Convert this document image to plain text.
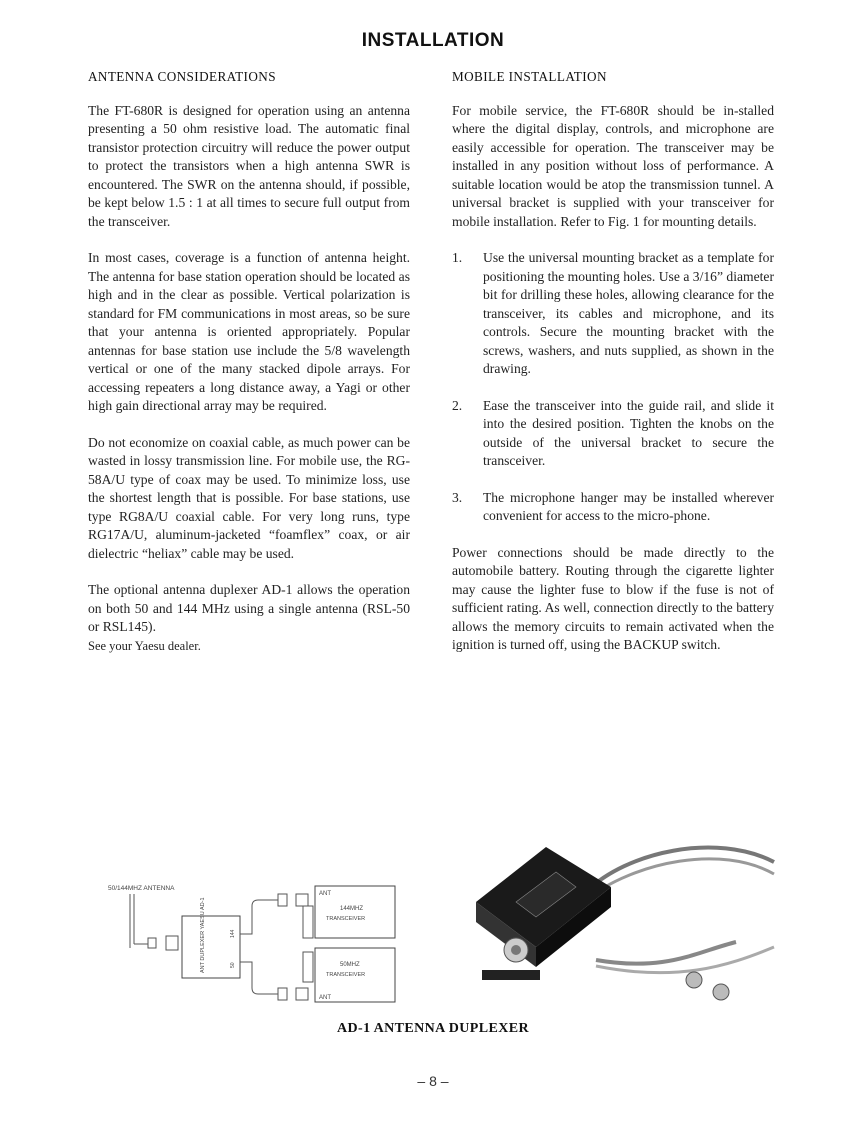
INSTALLATION
ANTENNA CONSIDERATIONS

The FT-680R is designed for operation using an antenna presenting a 50 ohm resistive load. The automatic final transistor protection circuitry will reduce the power output to protect the transistors when a high antenna SWR is encountered. The SWR on the antenna should, if possible, be kept below 1.5 : 1 at all times to secure full output from the transceiver.

In most cases, coverage is a function of antenna height. The antenna for base station operation should be located as high and in the clear as possible. Vertical polarization is standard for FM communications in most areas, so be sure that your antenna is oriented appropriately. Popular antennas for base station use include the 5/8 wavelength vertical or one of the many stacked dipole arrays. For accessing repeaters a long distance away, a Yagi or other high gain directional array may be required.

Do not economize on coaxial cable, as much power can be wasted in lossy transmission line. For mobile use, the RG-58A/U type of coax may be used. To minimize loss, use the shortest length that is possible. For base stations, use type RG8A/U coaxial cable. For very long runs, type RG17A/U, aluminum-jacketed “foamflex” coax, or air dielectric “heliax” cable may be used.

The optional antenna duplexer AD-1 allows the operation on both 50 and 144 MHz using a single antenna (RSL-50 or RSL145).

See your Yaesu dealer.
MOBILE INSTALLATION

For mobile service, the FT-680R should be in-stalled where the digital display, controls, and microphone are easily accessible for operation. The transceiver may be installed in any position without loss of performance. A suitable location would be atop the transmission tunnel. A universal bracket is supplied with your transceiver for mobile installation. Refer to Fig. 1 for mounting details.

1.	Use the universal mounting bracket as a template for positioning the mounting holes. Use a 3/16” diameter bit for drilling these holes, allowing clearance for the transceiver, its cables and microphone, and its controls. Secure the mounting bracket with the screws, washers, and nuts supplied, as shown in the drawing.
2.	Ease the transceiver into the guide rail, and slide it into the desired position. Tighten the knobs on the outside of the universal bracket to secure the transceiver.
3.	The microphone hanger may be installed wherever convenient for access to the micro-phone.

Power connections should be made directly to the automobile battery. Routing through the cigarette lighter may cause the lighter fuse to blow if the fuse is not of sufficient rating. As well, connection directly to the battery allows the memory circuits to remain activated when the ignition is turned off, using the BACKUP switch.

50/144MHZ ANTENNA
ANT DUPLEXER YAESU AD-1	144
50
ANT
144MHZ
TRANSCEIVER
50MHZ
TRANSCEIVER
ANT
AD-1 ANTENNA DUPLEXER
– 8 –
